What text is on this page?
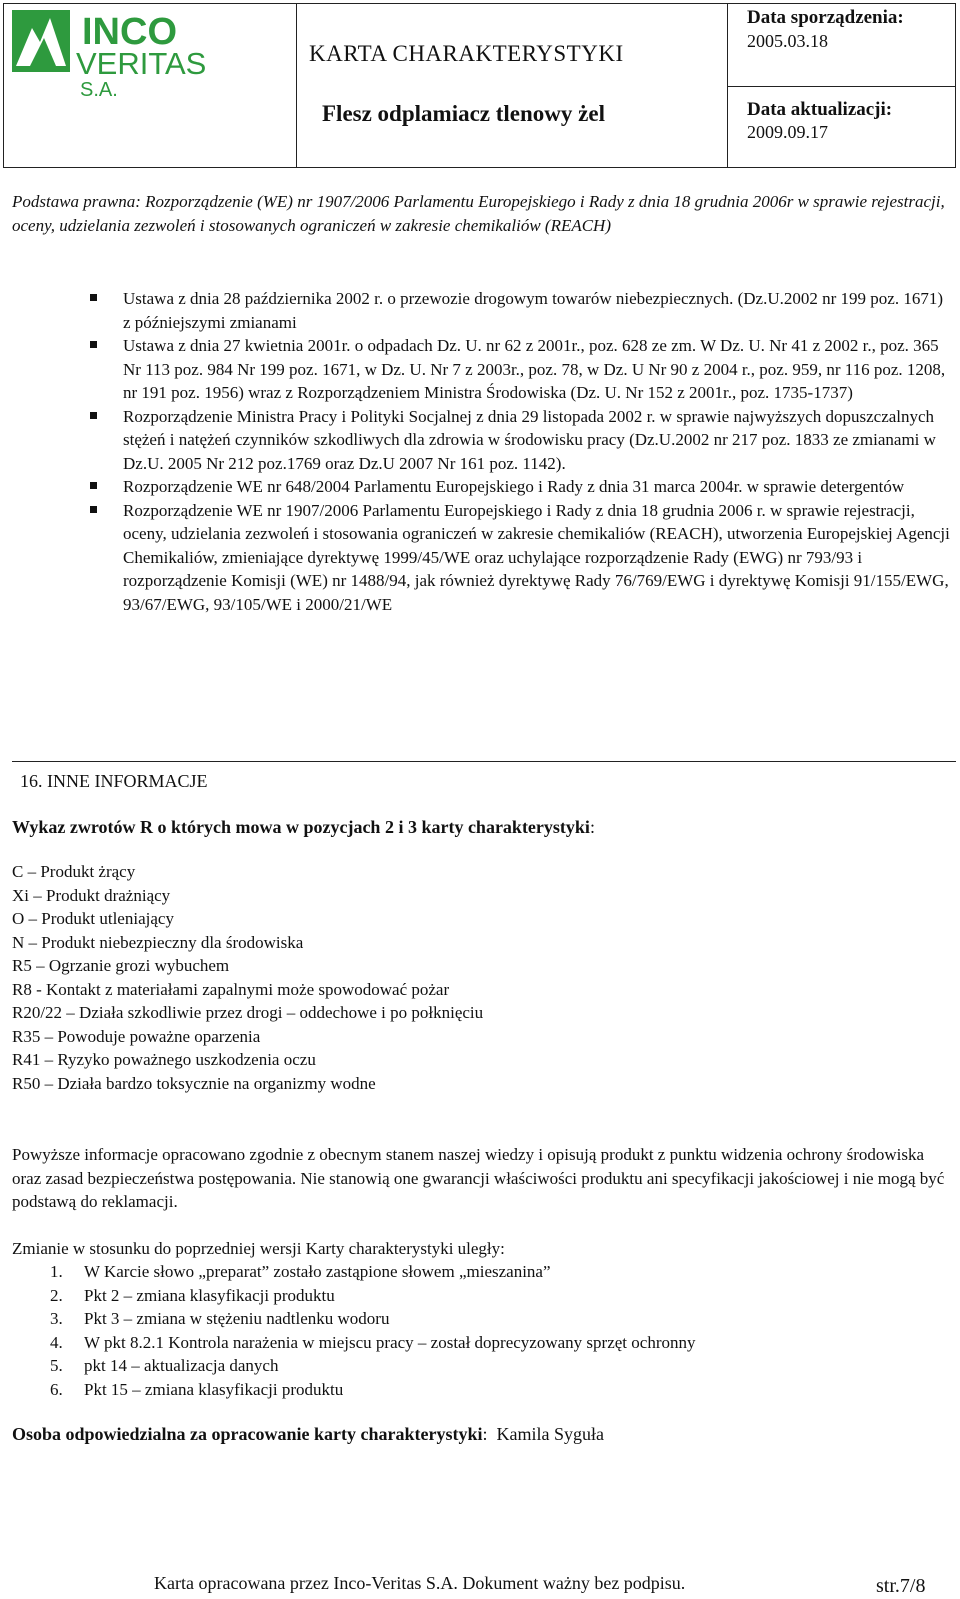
INCO
VERITAS
S.A.
KARTA CHARAKTERYSTYKI
Flesz odplamiacz tlenowy żel
Data sporządzenia:
2005.03.18
Data aktualizacji:
2009.09.17
Podstawa prawna: Rozporządzenie (WE) nr 1907/2006 Parlamentu Europejskiego i Rady z dnia 18 grudnia 2006r w sprawie rejestracji, oceny, udzielania zezwoleń i stosowanych ograniczeń w zakresie chemikaliów (REACH)
Ustawa z dnia 28 października 2002 r. o przewozie drogowym towarów niebezpiecznych. (Dz.U.2002 nr 199 poz. 1671) z późniejszymi zmianami
Ustawa z dnia 27 kwietnia 2001r. o odpadach Dz. U. nr 62 z 2001r., poz. 628 ze zm. W Dz. U. Nr 41 z 2002 r., poz. 365 Nr 113 poz. 984 Nr 199 poz. 1671, w Dz. U. Nr 7 z 2003r., poz. 78, w Dz. U Nr 90 z 2004 r., poz. 959, nr 116 poz. 1208, nr 191 poz. 1956) wraz z Rozporządzeniem Ministra Środowiska (Dz. U. Nr 152 z 2001r., poz. 1735-1737)
Rozporządzenie Ministra Pracy i Polityki Socjalnej z dnia 29 listopada 2002 r. w sprawie najwyższych dopuszczalnych stężeń i natężeń czynników szkodliwych dla zdrowia w środowisku pracy (Dz.U.2002 nr 217 poz. 1833 ze zmianami w Dz.U. 2005 Nr 212 poz.1769 oraz Dz.U 2007 Nr 161 poz. 1142).
Rozporządzenie WE nr 648/2004 Parlamentu Europejskiego i Rady z dnia 31 marca 2004r. w sprawie detergentów
Rozporządzenie WE nr 1907/2006 Parlamentu Europejskiego i Rady z dnia 18 grudnia 2006 r. w sprawie rejestracji, oceny, udzielania zezwoleń i stosowania ograniczeń w zakresie chemikaliów (REACH), utworzenia Europejskiej Agencji Chemikaliów, zmieniające dyrektywę 1999/45/WE oraz uchylające rozporządzenie Rady (EWG) nr 793/93 i rozporządzenie Komisji (WE) nr 1488/94, jak również dyrektywę Rady 76/769/EWG i dyrektywę Komisji 91/155/EWG, 93/67/EWG, 93/105/WE i 2000/21/WE
16. INNE INFORMACJE
Wykaz zwrotów R o których mowa w pozycjach 2 i 3 karty charakterystyki:
C – Produkt żrący
Xi – Produkt drażniący
O – Produkt utleniający
N – Produkt niebezpieczny dla środowiska
R5 – Ogrzanie grozi wybuchem
R8 - Kontakt z materiałami zapalnymi może spowodować pożar
R20/22 – Działa szkodliwie przez drogi – oddechowe i po połknięciu
R35 – Powoduje poważne oparzenia
R41 – Ryzyko poważnego uszkodzenia oczu
R50 – Działa bardzo toksycznie na organizmy wodne
Powyższe informacje opracowano zgodnie z obecnym stanem naszej wiedzy i opisują produkt z punktu widzenia ochrony środowiska oraz zasad bezpieczeństwa postępowania. Nie stanowią one gwarancji właściwości produktu ani specyfikacji jakościowej i nie mogą być podstawą do reklamacji.
Zmianie w stosunku do poprzedniej wersji Karty charakterystyki uległy:
1. W Karcie słowo „preparat” zostało zastąpione słowem „mieszanina”
2. Pkt 2 – zmiana klasyfikacji produktu
3. Pkt 3 – zmiana w stężeniu nadtlenku wodoru
4. W pkt 8.2.1 Kontrola narażenia w miejscu pracy – został doprecyzowany sprzęt ochronny
5. pkt 14 – aktualizacja danych
6. Pkt 15 – zmiana klasyfikacji produktu
Osoba odpowiedzialna za opracowanie karty charakterystyki: Kamila Syguła
Karta opracowana przez Inco-Veritas S.A. Dokument ważny bez podpisu.	str.7/8
